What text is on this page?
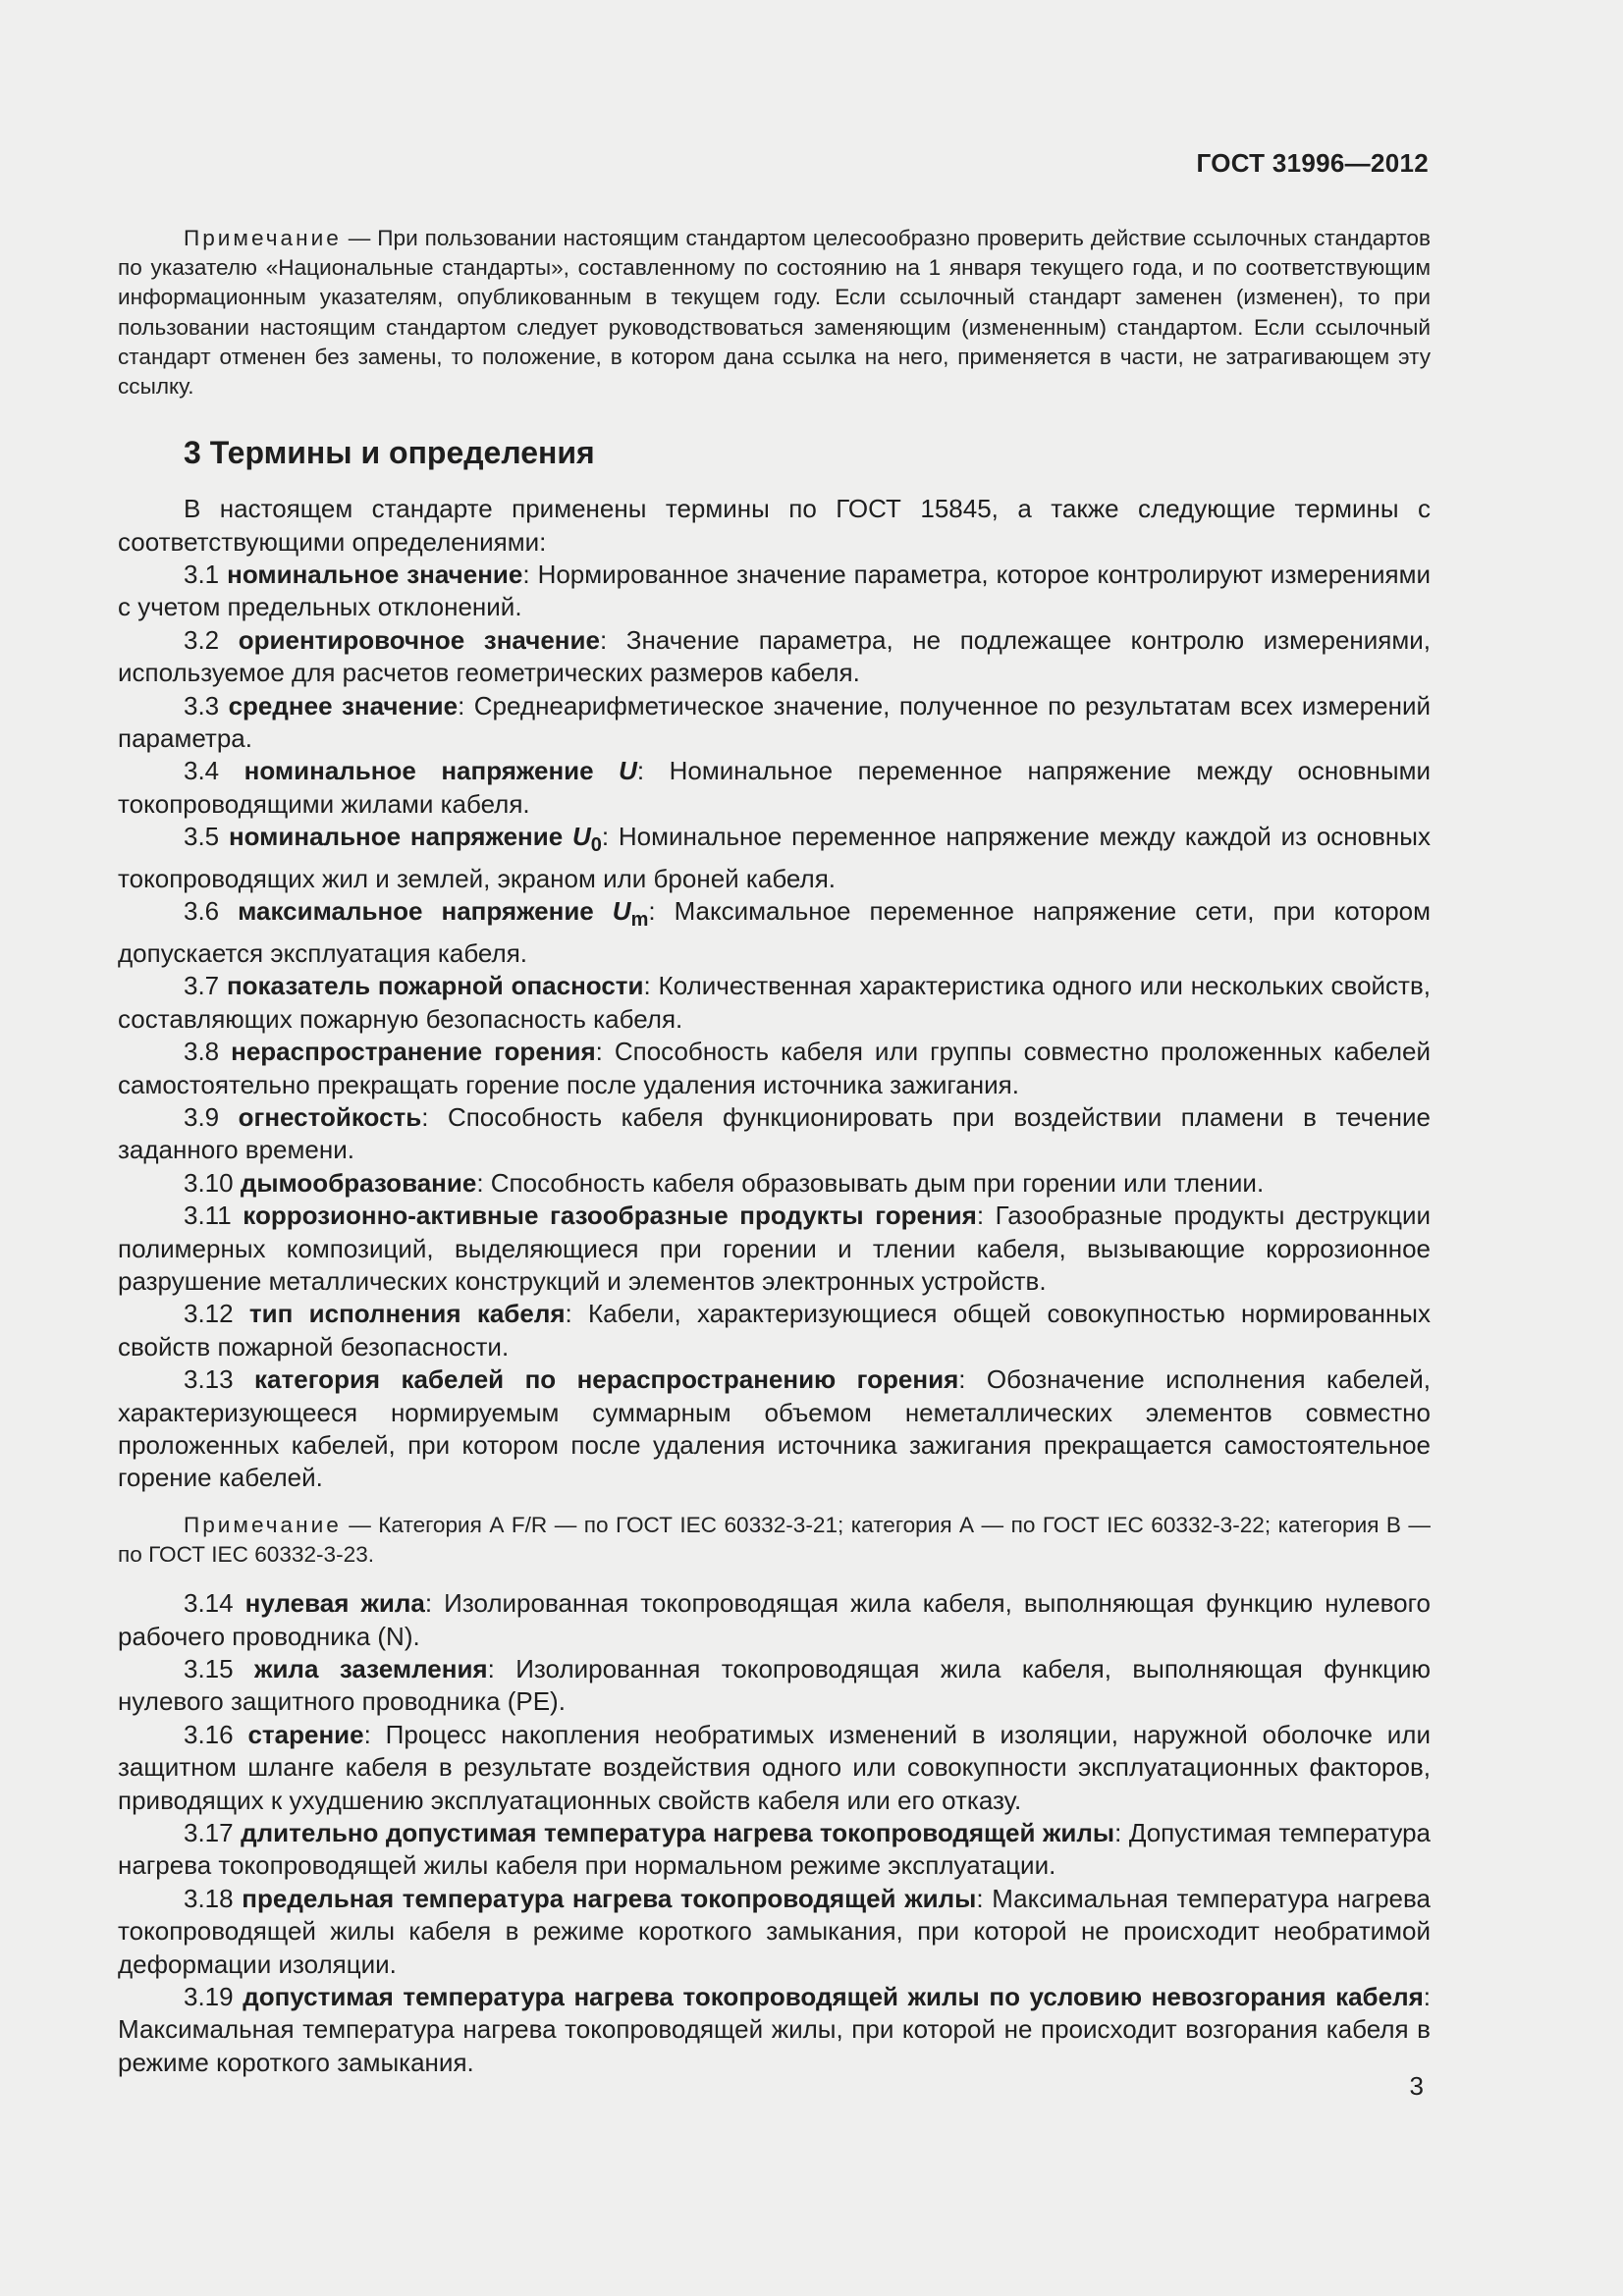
ГОСТ 31996—2012

Примечание — При пользовании настоящим стандартом целесообразно проверить действие ссылочных стандартов по указателю «Национальные стандарты», составленному по состоянию на 1 января текущего года, и по соответствующим информационным указателям, опубликованным в текущем году. Если ссылочный стандарт заменен (изменен), то при пользовании настоящим стандартом следует руководствоваться заменяющим (измененным) стандартом. Если ссылочный стандарт отменен без замены, то положение, в котором дана ссылка на него, применяется в части, не затрагивающем эту ссылку.

3 Термины и определения

В настоящем стандарте применены термины по ГОСТ 15845, а также следующие термины с соответствующими определениями:

3.1 номинальное значение: Нормированное значение параметра, которое контролируют измерениями с учетом предельных отклонений.

3.2 ориентировочное значение: Значение параметра, не подлежащее контролю измерениями, используемое для расчетов геометрических размеров кабеля.

3.3 среднее значение: Среднеарифметическое значение, полученное по результатам всех измерений параметра.

3.4 номинальное напряжение U: Номинальное переменное напряжение между основными токопроводящими жилами кабеля.

3.5 номинальное напряжение $U_0$: Номинальное переменное напряжение между каждой из основных токопроводящих жил и землей, экраном или броней кабеля.

3.6 максимальное напряжение $U_m$: Максимальное переменное напряжение сети, при котором допускается эксплуатация кабеля.

3.7 показатель пожарной опасности: Количественная характеристика одного или нескольких свойств, составляющих пожарную безопасность кабеля.

3.8 нераспространение горения: Способность кабеля или группы совместно проложенных кабелей самостоятельно прекращать горение после удаления источника зажигания.

3.9 огнестойкость: Способность кабеля функционировать при воздействии пламени в течение заданного времени.

3.10 дымообразование: Способность кабеля образовывать дым при горении или тлении.

3.11 коррозионно-активные газообразные продукты горения: Газообразные продукты деструкции полимерных композиций, выделяющиеся при горении и тлении кабеля, вызывающие коррозионное разрушение металлических конструкций и элементов электронных устройств.

3.12 тип исполнения кабеля: Кабели, характеризующиеся общей совокупностью нормированных свойств пожарной безопасности.

3.13 категория кабелей по нераспространению горения: Обозначение исполнения кабелей, характеризующееся нормируемым суммарным объемом неметаллических элементов совместно проложенных кабелей, при котором после удаления источника зажигания прекращается самостоятельное горение кабелей.

Примечание — Категория А F/R — по ГОСТ IEC 60332-3-21; категория А — по ГОСТ IEC 60332-3-22; категория В — по ГОСТ IEC 60332-3-23.

3.14 нулевая жила: Изолированная токопроводящая жила кабеля, выполняющая функцию нулевого рабочего проводника (N).

3.15 жила заземления: Изолированная токопроводящая жила кабеля, выполняющая функцию нулевого защитного проводника (PE).

3.16 старение: Процесс накопления необратимых изменений в изоляции, наружной оболочке или защитном шланге кабеля в результате воздействия одного или совокупности эксплуатационных факторов, приводящих к ухудшению эксплуатационных свойств кабеля или его отказу.

3.17 длительно допустимая температура нагрева токопроводящей жилы: Допустимая температура нагрева токопроводящей жилы кабеля при нормальном режиме эксплуатации.

3.18 предельная температура нагрева токопроводящей жилы: Максимальная температура нагрева токопроводящей жилы кабеля в режиме короткого замыкания, при которой не происходит необратимой деформации изоляции.

3.19 допустимая температура нагрева токопроводящей жилы по условию невозгорания кабеля: Максимальная температура нагрева токопроводящей жилы, при которой не происходит возгорания кабеля в режиме короткого замыкания.

3
